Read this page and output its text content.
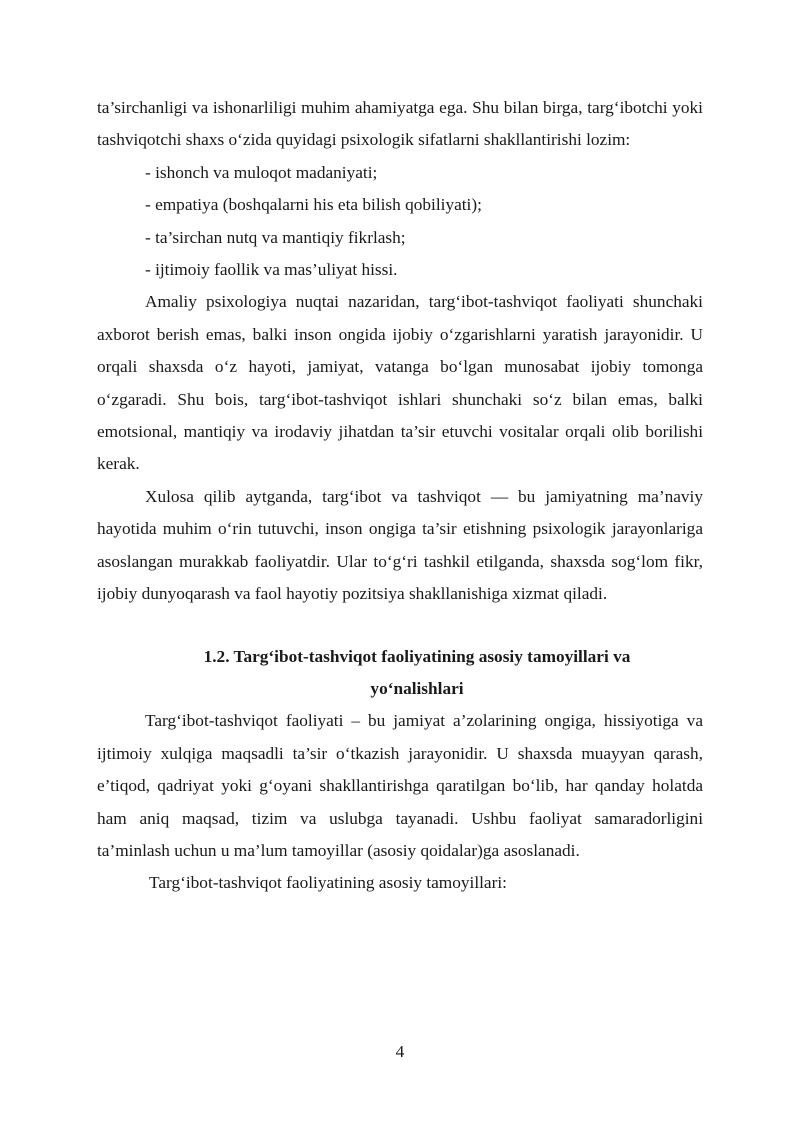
ta’sirchanligi va ishonarliligi muhim ahamiyatga ega. Shu bilan birga, targ‘ibotchi yoki tashviqotchi shaxs o‘zida quyidagi psixologik sifatlarni shakllantirishi lozim:

- ishonch va muloqot madaniyati;

- empatiya (boshqalarni his eta bilish qobiliyati);

- ta’sirchan nutq va mantiqiy fikrlash;

- ijtimoiy faollik va mas’uliyat hissi.

Amaliy psixologiya nuqtai nazaridan, targ‘ibot-tashviqot faoliyati shunchaki axborot berish emas, balki inson ongida ijobiy o‘zgarishlarni yaratish jarayonidir. U orqali shaxsda o‘z hayoti, jamiyat, vatanga bo‘lgan munosabat ijobiy tomonga o‘zgaradi. Shu bois, targ‘ibot-tashviqot ishlari shunchaki so‘z bilan emas, balki emotsional, mantiqiy va irodaviy jihatdan ta’sir etuvchi vositalar orqali olib borilishi kerak.

Xulosa qilib aytganda, targ‘ibot va tashviqot — bu jamiyatning ma’naviy hayotida muhim o‘rin tutuvchi, inson ongiga ta’sir etishning psixologik jarayonlariga asoslangan murakkab faoliyatdir. Ular to‘g‘ri tashkil etilganda, shaxsda sog‘lom fikr, ijobiy dunyoqarash va faol hayotiy pozitsiya shakllanishiga xizmat qiladi.

1.2. Targ‘ibot-tashviqot faoliyatining asosiy tamoyillari va
yo‘nalishlari

Targ‘ibot-tashviqot faoliyati – bu jamiyat a’zolarining ongiga, hissiyotiga va ijtimoiy xulqiga maqsadli ta’sir o‘tkazish jarayonidir. U shaxsda muayyan qarash, e’tiqod, qadriyat yoki g‘oyani shakllantirishga qaratilgan bo‘lib, har qanday holatda ham aniq maqsad, tizim va uslubga tayanadi. Ushbu faoliyat samaradorligini ta’minlash uchun u ma’lum tamoyillar (asosiy qoidalar)ga asoslanadi.

Targ‘ibot-tashviqot faoliyatining asosiy tamoyillari:

4
